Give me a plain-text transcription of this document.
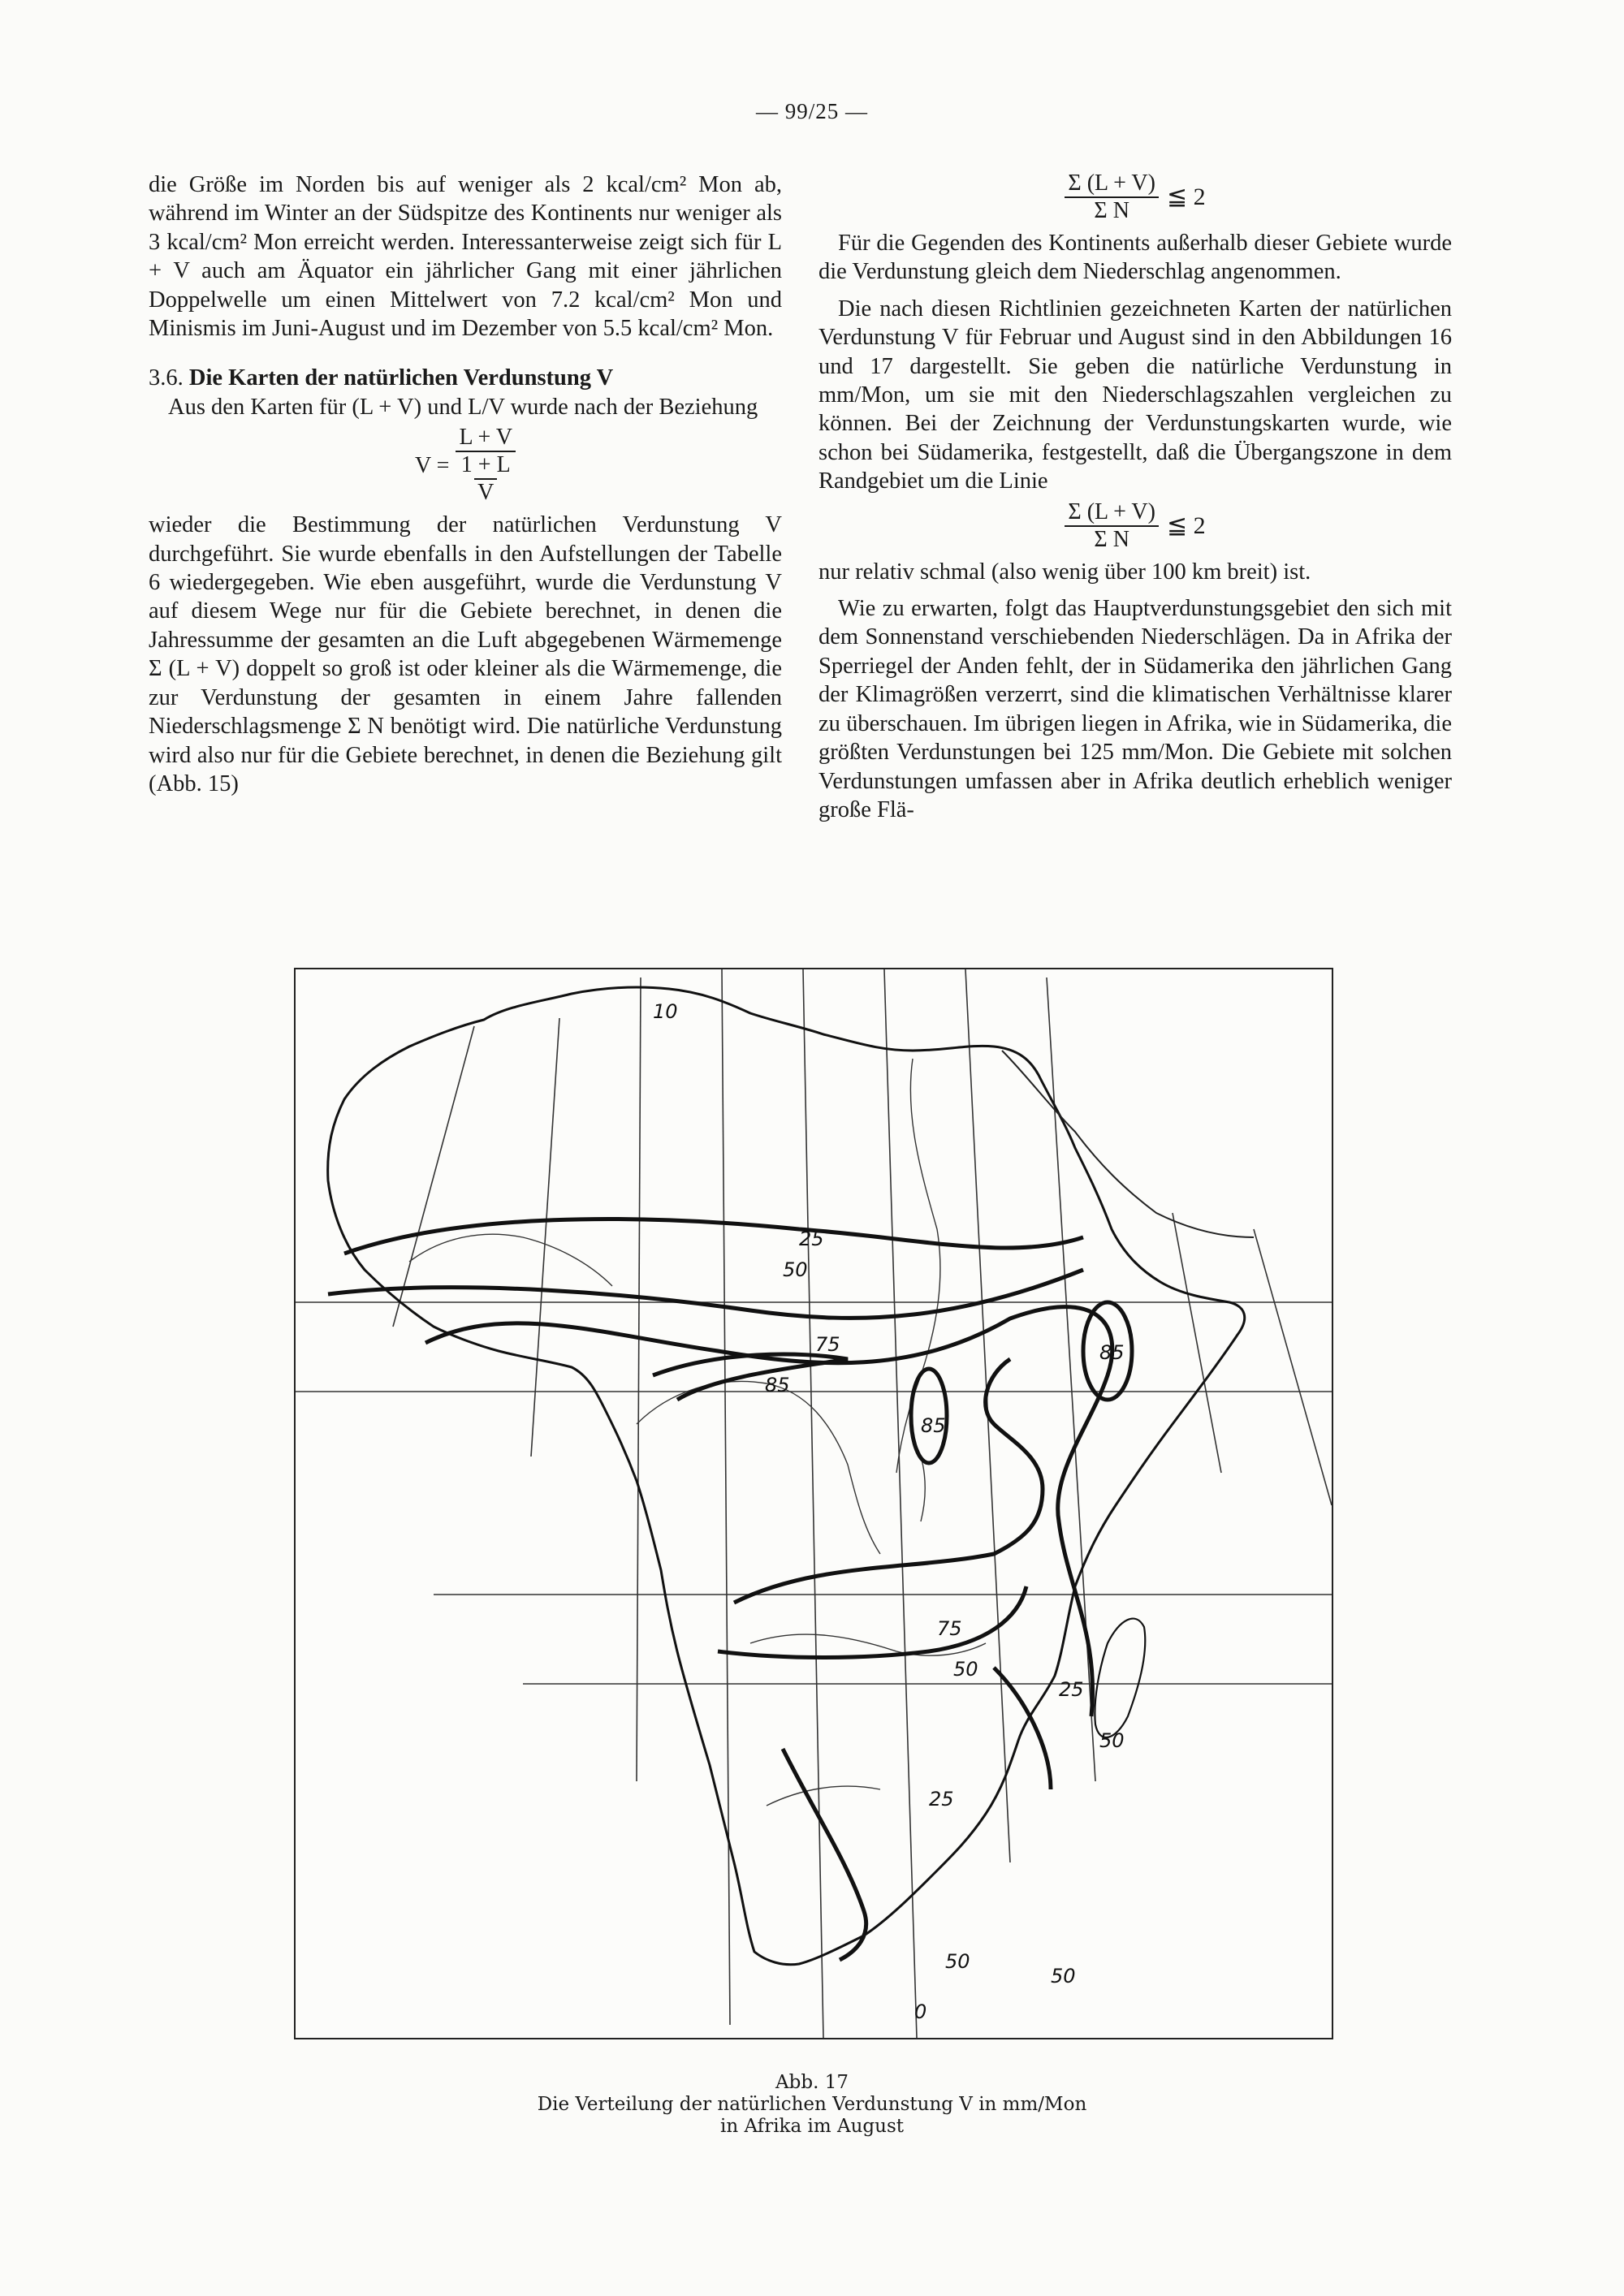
— 99/25 —

die Größe im Norden bis auf weniger als 2 kcal/cm² Mon ab, während im Winter an der Südspitze des Kontinents nur weniger als 3 kcal/cm² Mon erreicht werden. Interessanterweise zeigt sich für L + V auch am Äquator ein jährlicher Gang mit einer jährlichen Doppelwelle um einen Mittelwert von 7.2 kcal/cm² Mon und Minismis im Juni-August und im Dezember von 5.5 kcal/cm² Mon.

3.6. Die Karten der natürlichen Verdunstung V

Aus den Karten für (L + V) und L/V wurde nach der Beziehung

V =
L + V
1 + L
V

wieder die Bestimmung der natürlichen Verdunstung V durchgeführt. Sie wurde ebenfalls in den Aufstellungen der Tabelle 6 wiedergegeben. Wie eben ausgeführt, wurde die Verdunstung V auf diesem Wege nur für die Gebiete berechnet, in denen die Jahressumme der gesamten an die Luft abgegebenen Wärmemenge Σ (L + V) doppelt so groß ist oder kleiner als die Wärmemenge, die zur Verdunstung der gesamten in einem Jahre fallenden Niederschlagsmenge Σ N benötigt wird. Die natürliche Verdunstung wird also nur für die Gebiete berechnet, in denen die Beziehung gilt (Abb. 15)

$\frac{\Sigma (L + V)}{\text{Σ N}}$ ≦ 2

Für die Gegenden des Kontinents außerhalb dieser Gebiete wurde die Verdunstung gleich dem Niederschlag angenommen.

Die nach diesen Richtlinien gezeichneten Karten der natürlichen Verdunstung V für Februar und August sind in den Abbildungen 16 und 17 dargestellt. Sie geben die natürliche Verdunstung in mm/Mon, um sie mit den Niederschlagszahlen vergleichen zu können. Bei der Zeichnung der Verdunstungskarten wurde, wie schon bei Südamerika, festgestellt, daß die Übergangszone in dem Randgebiet um die Linie

$\frac{\Sigma (L + V)}{\text{Σ N}}$ ≦ 2

nur relativ schmal (also wenig über 100 km breit) ist.

Wie zu erwarten, folgt das Hauptverdunstungsgebiet den sich mit dem Sonnenstand verschiebenden Niederschlägen. Da in Afrika der Sperriegel der Anden fehlt, der in Südamerika den jährlichen Gang der Klimagrößen verzerrt, sind die klimatischen Verhältnisse klarer zu überschauen. Im übrigen liegen in Afrika, wie in Südamerika, die größten Verdunstungen bei 125 mm/Mon. Die Gebiete mit solchen Verdunstungen umfassen aber in Afrika deutlich erheblich weniger große Flä-

10
25
50
75
85
85
85
75
50
25
50
25
50
50
0
Abb. 17
Die Verteilung der natürlichen Verdunstung V in mm/Mon
in Afrika im August
